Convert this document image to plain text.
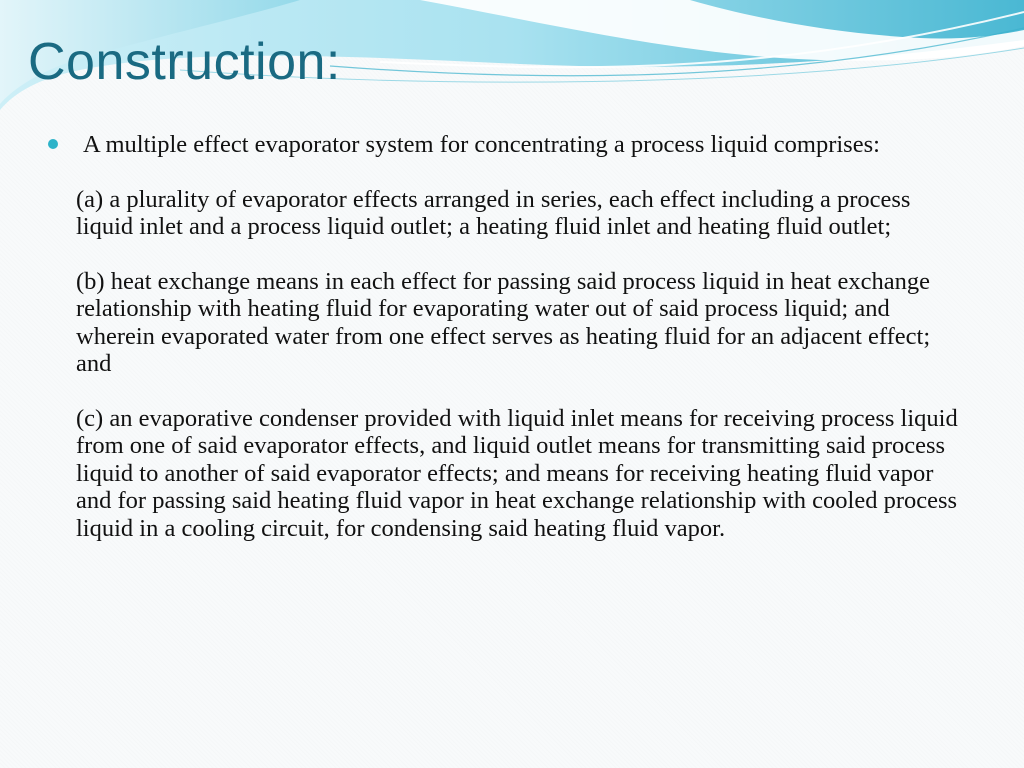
Construction:

A multiple effect evaporator system for concentrating a process liquid comprises:

(a) a plurality of evaporator effects arranged in series, each effect including a process liquid inlet and a process liquid outlet; a heating fluid inlet and heating fluid outlet;

(b) heat exchange means in each effect for passing said process liquid in heat exchange relationship with heating fluid for evaporating water out of said process liquid; and wherein evaporated water from one effect serves as heating fluid for an adjacent effect; and

(c) an evaporative condenser provided with liquid inlet means for receiving process liquid from one of said evaporator effects, and liquid outlet means for transmitting said process liquid to another of said evaporator effects; and means for receiving heating fluid vapor and for passing said heating fluid vapor in heat exchange relationship with cooled process liquid in a cooling circuit, for condensing said heating fluid vapor.
